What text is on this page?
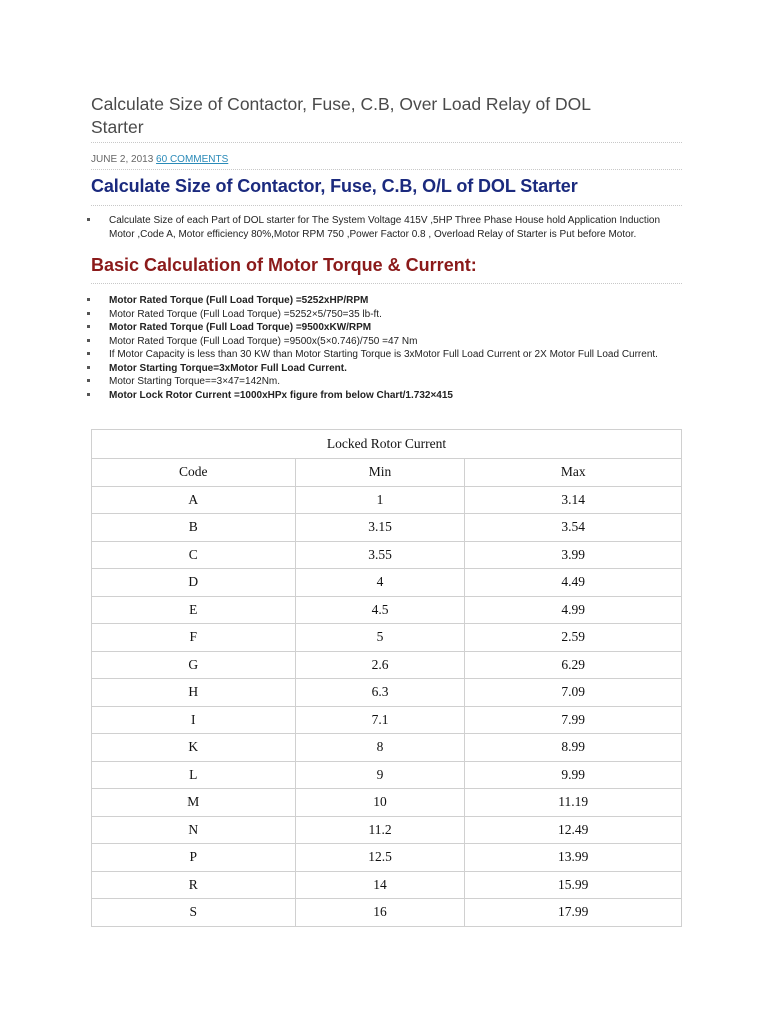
Calculate Size of Contactor, Fuse, C.B, Over Load Relay of DOL Starter
JUNE 2, 2013 60 COMMENTS
Calculate Size of Contactor, Fuse, C.B, O/L of DOL Starter
Calculate Size of each Part of DOL starter for The System Voltage 415V ,5HP Three Phase House hold Application Induction Motor ,Code A, Motor efficiency 80%,Motor RPM 750 ,Power Factor 0.8 , Overload Relay of Starter is Put before Motor.
Basic Calculation of Motor Torque & Current:
Motor Rated Torque (Full Load Torque) =5252xHP/RPM
Motor Rated Torque (Full Load Torque) =5252×5/750=35 lb-ft.
Motor Rated Torque (Full Load Torque) =9500xKW/RPM
Motor Rated Torque (Full Load Torque) =9500x(5×0.746)/750 =47 Nm
If Motor Capacity is less than 30 KW than Motor Starting Torque is 3xMotor Full Load Current or 2X Motor Full Load Current.
Motor Starting Torque=3xMotor Full Load Current.
Motor Starting Torque==3×47=142Nm.
Motor Lock Rotor Current =1000xHPx figure from below Chart/1.732×415
Locked Rotor Current		
Code	Min	Max
A	1	3.14
B	3.15	3.54
C	3.55	3.99
D	4	4.49
E	4.5	4.99
F	5	2.59
G	2.6	6.29
H	6.3	7.09
I	7.1	7.99
K	8	8.99
L	9	9.99
M	10	11.19
N	11.2	12.49
P	12.5	13.99
R	14	15.99
S	16	17.99
